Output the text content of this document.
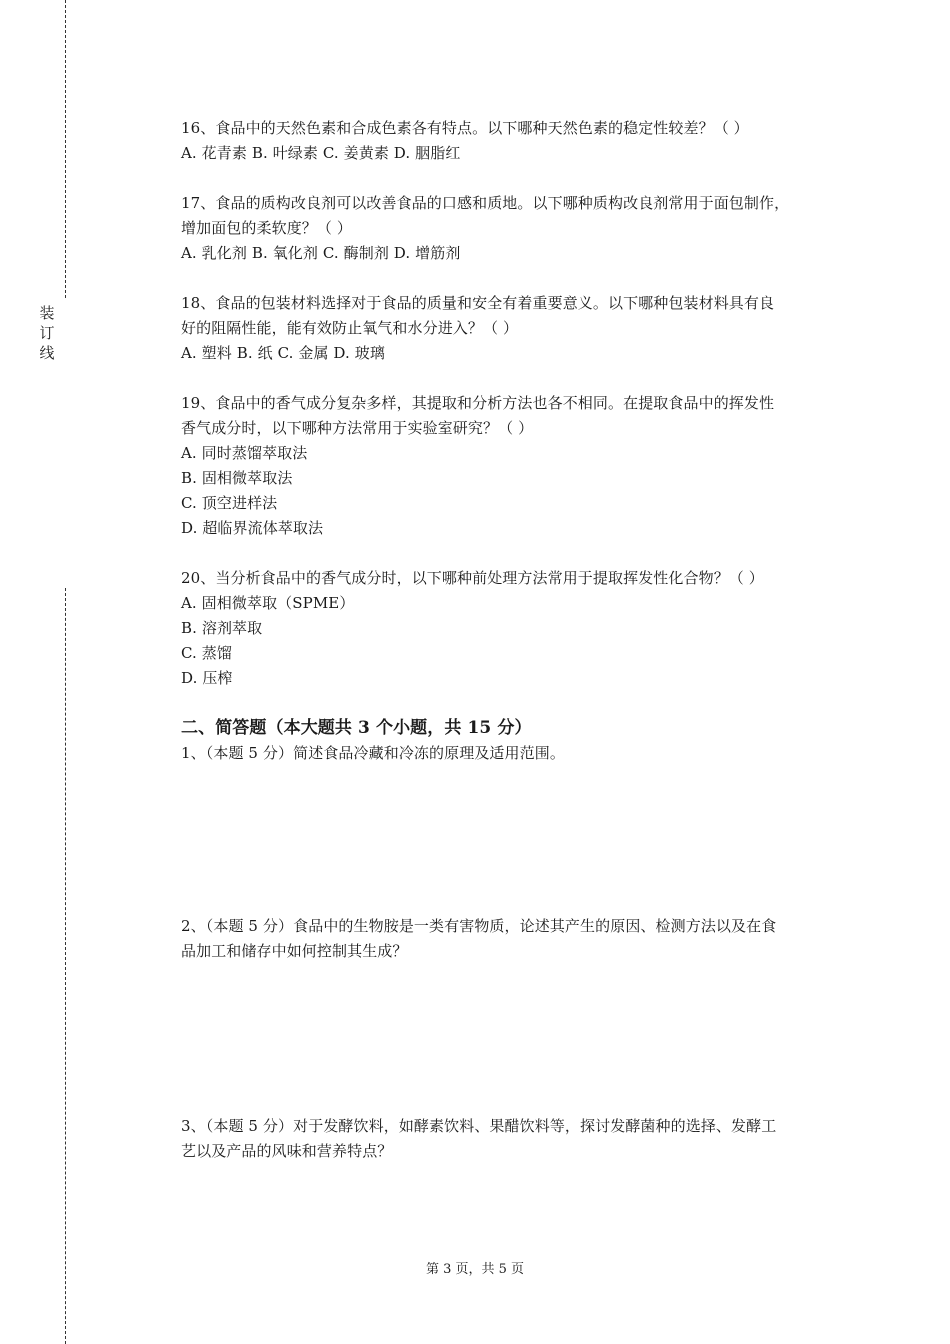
装
订
线
16、食品中的天然色素和合成色素各有特点。以下哪种天然色素的稳定性较差？（ ）
A. 花青素 B. 叶绿素 C. 姜黄素 D. 胭脂红
17、食品的质构改良剂可以改善食品的口感和质地。以下哪种质构改良剂常用于面包制作，
增加面包的柔软度？（ ）
A. 乳化剂 B. 氧化剂 C. 酶制剂 D. 增筋剂
18、食品的包装材料选择对于食品的质量和安全有着重要意义。以下哪种包装材料具有良
好的阻隔性能，能有效防止氧气和水分进入？（ ）
A. 塑料 B. 纸 C. 金属 D. 玻璃
19、食品中的香气成分复杂多样，其提取和分析方法也各不相同。在提取食品中的挥发性
香气成分时，以下哪种方法常用于实验室研究？（ ）
A. 同时蒸馏萃取法
B. 固相微萃取法
C. 顶空进样法
D. 超临界流体萃取法
20、当分析食品中的香气成分时，以下哪种前处理方法常用于提取挥发性化合物？（ ）
A. 固相微萃取（SPME）
B. 溶剂萃取
C. 蒸馏
D. 压榨
二、简答题（本大题共 3 个小题，共 15 分）
1、（本题 5 分）简述食品冷藏和冷冻的原理及适用范围。
2、（本题 5 分）食品中的生物胺是一类有害物质，论述其产生的原因、检测方法以及在食
品加工和储存中如何控制其生成？
3、（本题 5 分）对于发酵饮料，如酵素饮料、果醋饮料等，探讨发酵菌种的选择、发酵工
艺以及产品的风味和营养特点？
第 3 页，共 5 页
